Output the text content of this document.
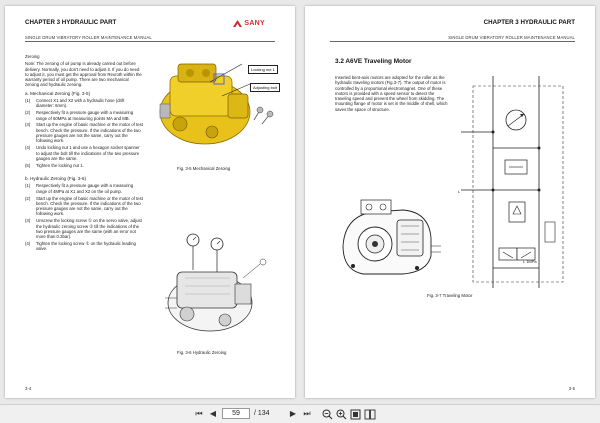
CHAPTER 3 HYDRAULIC PART	SANY
SINGLE DRUM VIBRATORY ROLLER MAINTENANCE MANUAL
Zeroing
Note: The zeroing of oil pump is already carried out before delivery. Normally, you don't need to adjust it. If you do need to adjust it, you must get the approval from Rexroth within the warranty period of oil pump. There are two mechanical zeroing and hydraulic zeroing.
a. Mechanical Zeroing (Fig. 3-5)
(1)	Connect X1 and X2 with a hydraulic hose (drift diameter: 6mm).
(2)	Respectively fit a pressure gauge with a measuring range of 60MPa at measuring points MA and MB.
(3)	Start up the engine of basic machine or the motor of test bench. Check the pressure. If the indications of the two pressure gauges are not the same, carry out the following work.
(4)	Undo locking nut 1 and use a hexagon socket spanner to adjust the bolt till the indications of the two pressure gauges are the same.
(5)	Tighten the locking nut 1.
b. Hydraulic Zeroing (Fig. 3-6)
(1)	Respectively fit a pressure gauge with a measuring range of 4MPa at X1 and X2 on the oil pump.
(2)	Start up the engine of basic machine or the motor of test bench. Check the pressure. If the indications of the two pressure gauges are not the same, carry out the following work.
(3)	Unscrew the locking screw ① on the servo valve, adjust the hydraulic zeroing screw ② till the indications of the two pressure gauges are the same (with an error not more than 0.3bar).
(4)	Tighten the locking screw ① on the hydraulic leading valve.
Locking nut 1
Adjusting bolt
Fig. 3-5 Mechanical Zeroing
Fig. 3-6 Hydraulic Zeroing
3-4
CHAPTER 3 HYDRAULIC PART
SINGLE DRUM VIBRATORY ROLLER MAINTENANCE MANUAL
3.2 A6VE Traveling Motor
Inserted bent-axis motors are adopted for the roller as the hydraulic traveling motors (Fig.3-7). The output of motor is controlled by a proportional electromagnet. One of these motors is provided with a speed sensor to detect the traveling speed and prevent the wheel from skidding. The mounting flange of motor is set in the middle of shell, which saves the space of structure.
L
L 1MPa
Fig. 3-7 Traveling Motor
3-5
⏮ ◀
59	/ 134	▶ ⏭
